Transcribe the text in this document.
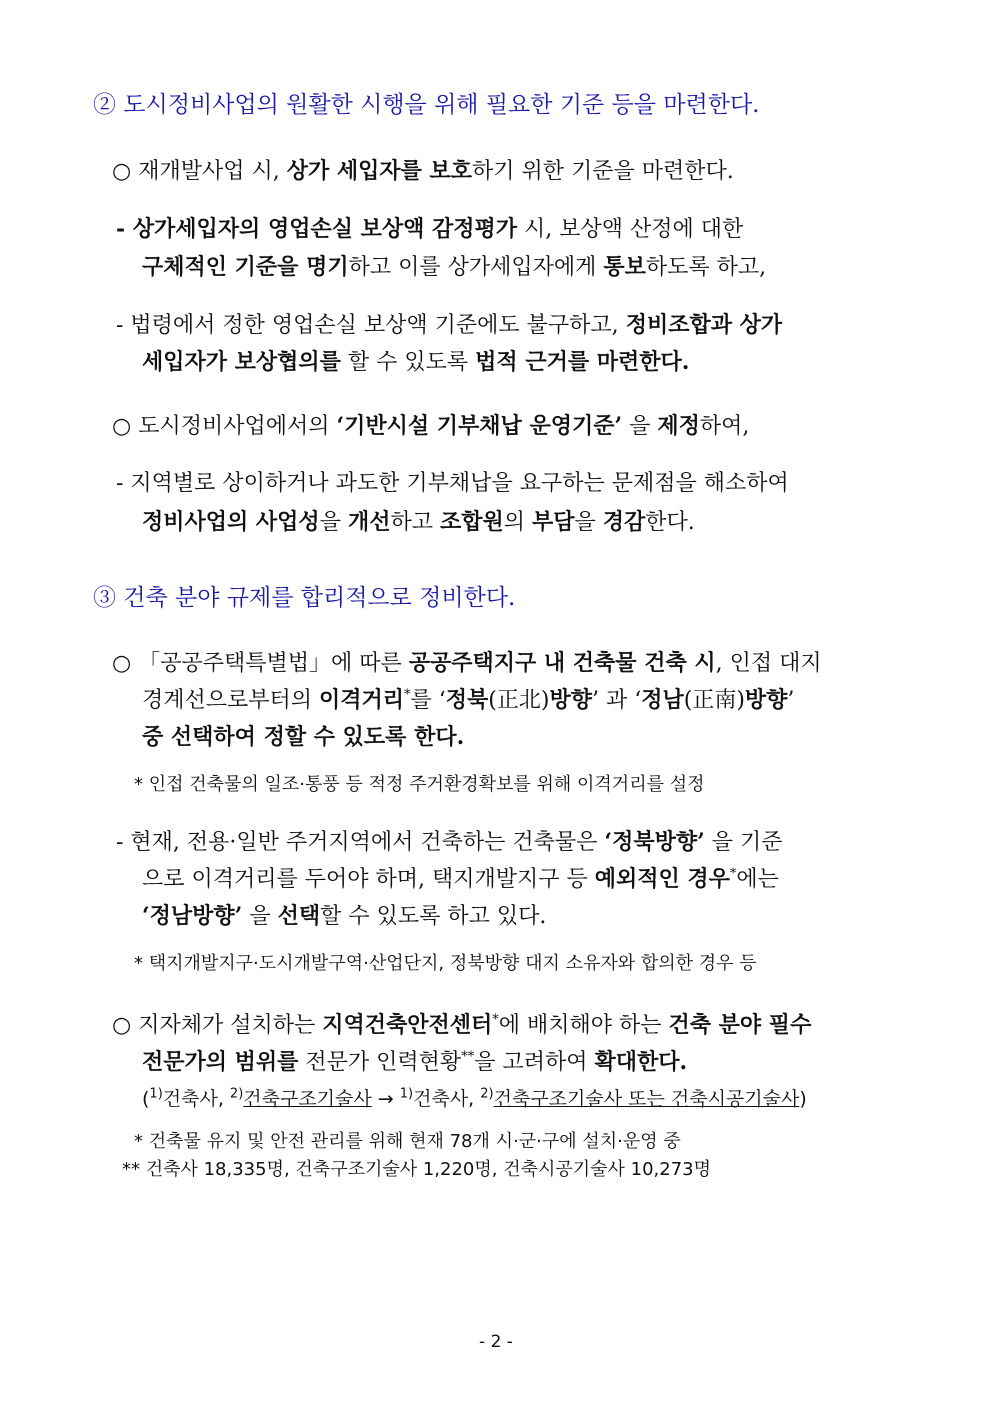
② 도시정비사업의 원활한 시행을 위해 필요한 기준 등을 마련한다.
○ 재개발사업 시, 상가 세입자를 보호하기 위한 기준을 마련한다.
- 상가세입자의 영업손실 보상액 감정평가 시, 보상액 산정에 대한
구체적인 기준을 명기하고 이를 상가세입자에게 통보하도록 하고,
- 법령에서 정한 영업손실 보상액 기준에도 불구하고, 정비조합과 상가
세입자가 보상협의를 할 수 있도록 법적 근거를 마련한다.
○ 도시정비사업에서의 ‘기반시설 기부채납 운영기준’ 을 제정하여,
- 지역별로 상이하거나 과도한 기부채납을 요구하는 문제점을 해소하여
정비사업의 사업성을 개선하고 조합원의 부담을 경감한다.
③ 건축 분야 규제를 합리적으로 정비한다.
○ 「공공주택특별법」에 따른 공공주택지구 내 건축물 건축 시, 인접 대지
경계선으로부터의 이격거리*를 ‘정북(正北)방향’ 과 ‘정남(正南)방향’
중 선택하여 정할 수 있도록 한다.
* 인접 건축물의 일조·통풍 등 적정 주거환경확보를 위해 이격거리를 설정
- 현재, 전용·일반 주거지역에서 건축하는 건축물은 ‘정북방향’ 을 기준
으로 이격거리를 두어야 하며, 택지개발지구 등 예외적인 경우*에는
‘정남방향’ 을 선택할 수 있도록 하고 있다.
* 택지개발지구·도시개발구역·산업단지, 정북방향 대지 소유자와 합의한 경우 등
○ 지자체가 설치하는 지역건축안전센터*에 배치해야 하는 건축 분야 필수
전문가의 범위를 전문가 인력현황**을 고려하여 확대한다.
($^{1)}$건축사, $^{2)}$건축구조기술사 → $^{1)}$건축사, $^{2)}$건축구조기술사 또는 건축시공기술사)
* 건축물 유지 및 안전 관리를 위해 현재 78개 시·군·구에 설치·운영 중
** 건축사 18,335명, 건축구조기술사 1,220명, 건축시공기술사 10,273명
- 2 -
